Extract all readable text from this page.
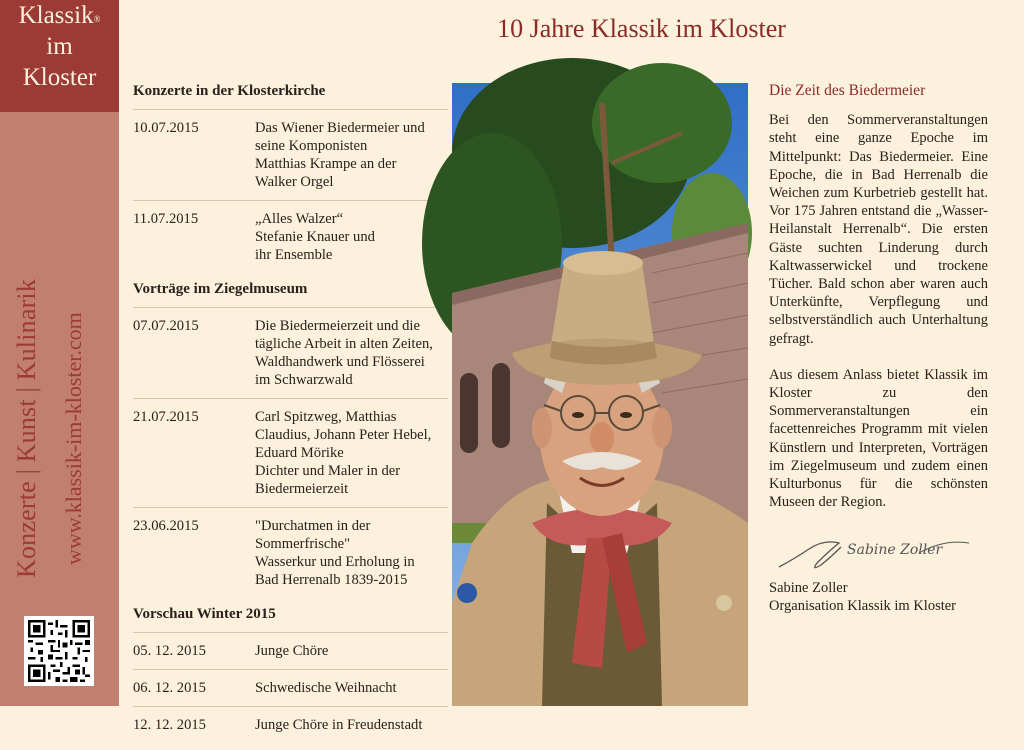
Klassik®
im
Kloster
Konzerte | Kunst | Kulinarik www.klassik-im-kloster.com
10 Jahre Klassik im Kloster
Konzerte in der Klosterkirche
10.07.2015	Das Wiener Biedermeier und
seine Komponisten
Matthias Krampe an der
Walker Orgel
11.07.2015	„Alles Walzer“
Stefanie Knauer und
ihr Ensemble
Vorträge im Ziegelmuseum
07.07.2015	Die Biedermeierzeit und die
tägliche Arbeit in alten Zeiten,
Waldhandwerk und Flösserei
im Schwarzwald
21.07.2015	Carl Spitzweg, Matthias
Claudius, Johann Peter Hebel,
Eduard Mörike
Dichter und Maler in der
Biedermeierzeit
23.06.2015	"Durchatmen in der
Sommerfrische"
Wasserkur und Erholung in
Bad Herrenalb 1839-2015
Vorschau Winter 2015
05. 12. 2015	Junge Chöre
06. 12. 2015	Schwedische Weihnacht
12. 12. 2015	Junge Chöre in Freudenstadt
Die Zeit des Biedermeier

Bei den Sommerveranstaltungen steht eine ganze Epoche im Mittelpunkt: Das Biedermeier. Eine Epoche, die in Bad Herrenalb die Weichen zum Kurbetrieb gestellt hat. Vor 175 Jahren entstand die „Wasser-Heilanstalt Herrenalb“. Die ersten Gäste suchten Linderung durch Kaltwasserwickel und trockene Tücher. Bald schon aber waren auch Unterkünfte, Verpflegung und selbstverständlich auch Unterhaltung gefragt.

Aus diesem Anlass bietet Klassik im Kloster zu den Sommerveranstaltungen ein facettenreiches Programm mit vielen Künstlern und Interpreten, Vorträgen im Ziegelmuseum und zudem einen Kulturbonus für die schönsten Museen der Region.

Sabine Zoller
Sabine Zoller
Organisation Klassik im Kloster
